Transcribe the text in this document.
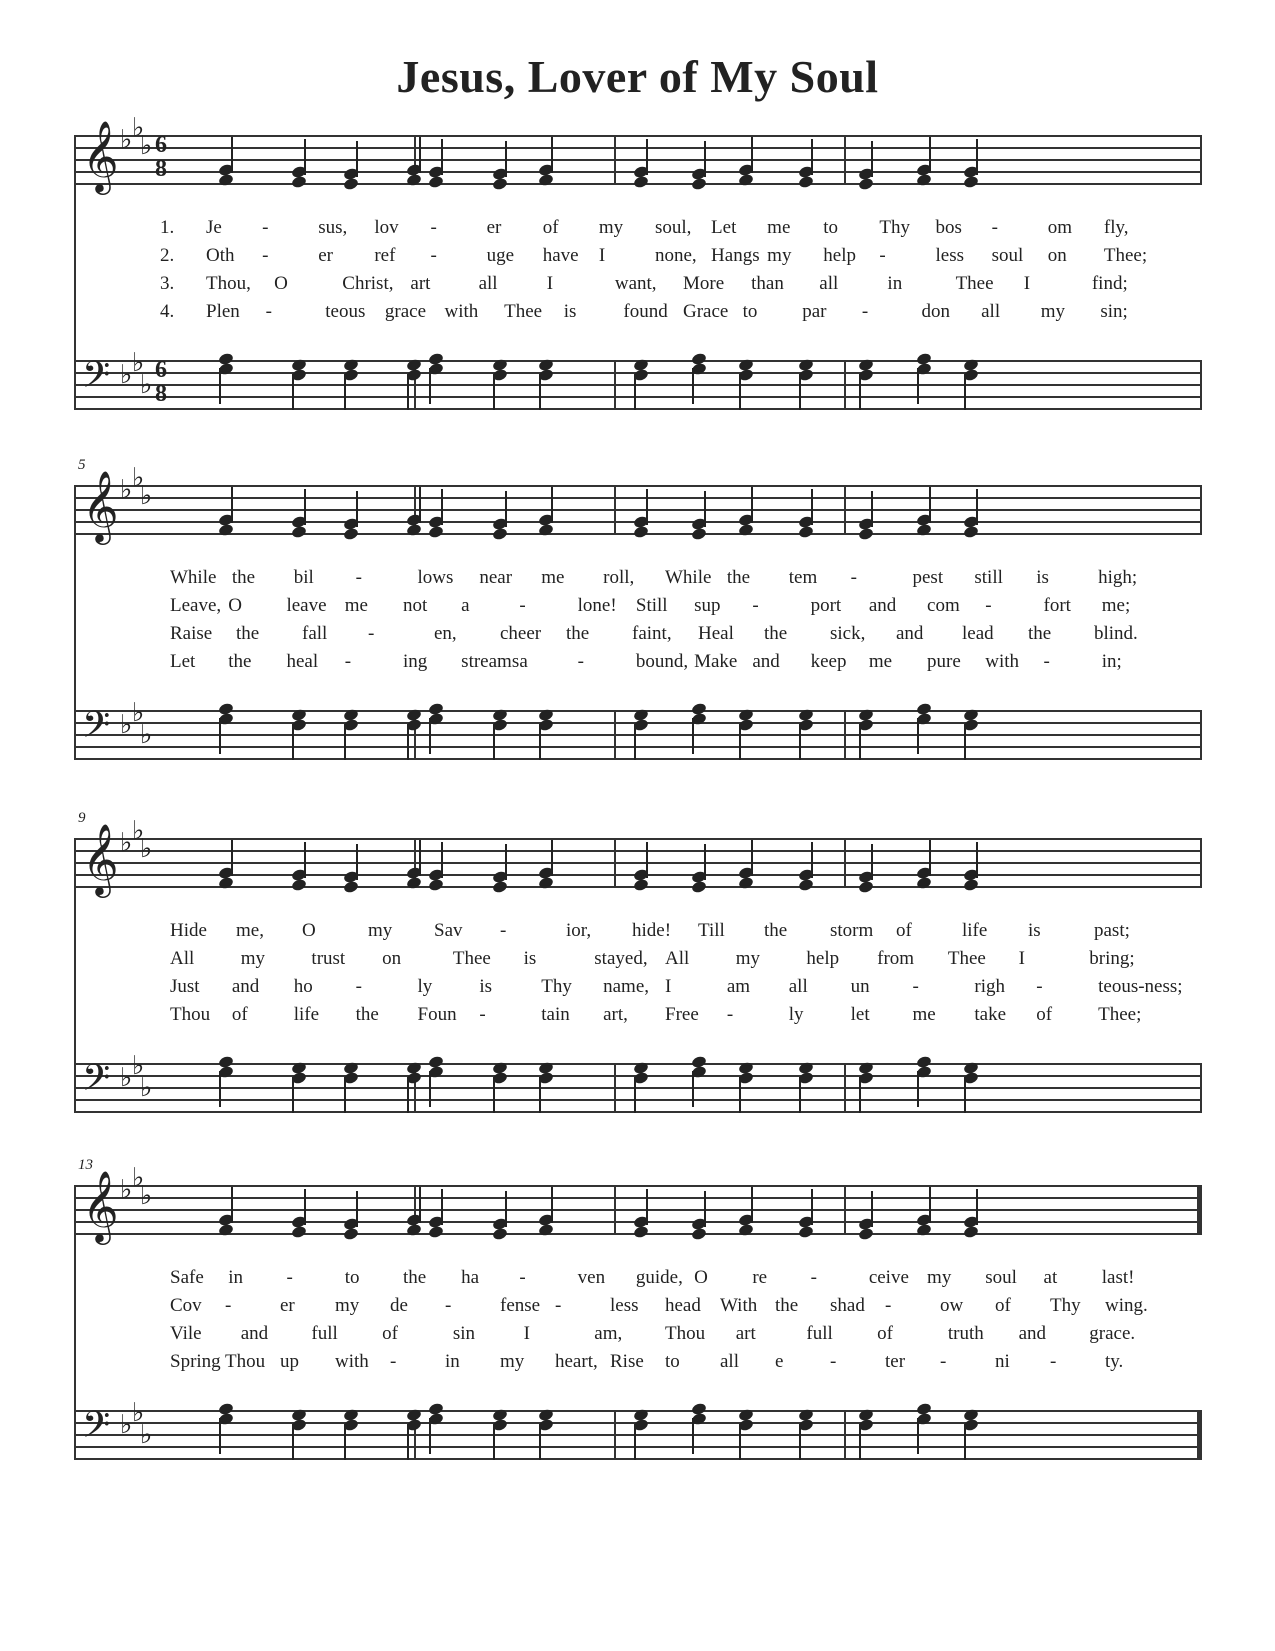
Jesus, Lover of My Soul
𝄞 ♭ ♭
♭ 6
8
𝄢 ♭ ♭
♭ 6
8
1.	Je -	sus, lov -	er of my soul, Let me to Thy bos -	om fly,
2.	Oth -	er ref -	uge have I	none, Hangs my help -	less soul on Thee;
3.	Thou, O	Christ, art	all	I	want, More than all	in	Thee I	find;
4.	Plen -	teous grace with Thee is found Grace to par -	don all my sin;
5
𝄞 ♭ ♭
♭
𝄢 ♭ ♭
♭
While the bil -	lows near me roll, While the tem -	pest still is	high;
Leave, O leave me not a	-	lone! Still sup -	port and com -	fort me;
Raise the fall -	en, cheer the faint, Heal the sick, and lead the blind.
Let the heal -	ing streams a	-	bound, Make and keep me pure with -	in;
9
𝄞 ♭ ♭
♭
𝄢 ♭ ♭
♭
Hide me, O	my Sav -	ior, hide! Till the storm of	life is	past;
All my trust on	Thee is	stayed, All my help from Thee I	bring;
Just and ho -	ly is	Thy name, I	am all un -	righ -	teous-ness;
Thou of life the Foun -	tain art, Free -	ly let me take of Thee;
13
𝄞 ♭ ♭
♭
𝄢 ♭ ♭
♭
Safe in -	to the ha -	ven guide, O re -	ceive my soul at last!
Cov -	er my de -	fense -	less head With the shad -	ow of Thy wing.
Vile and full of	sin	I	am, Thou art	full of	truth and grace.
Spring Thou up with -	in my heart, Rise to all e -	ter -	ni -	ty.
